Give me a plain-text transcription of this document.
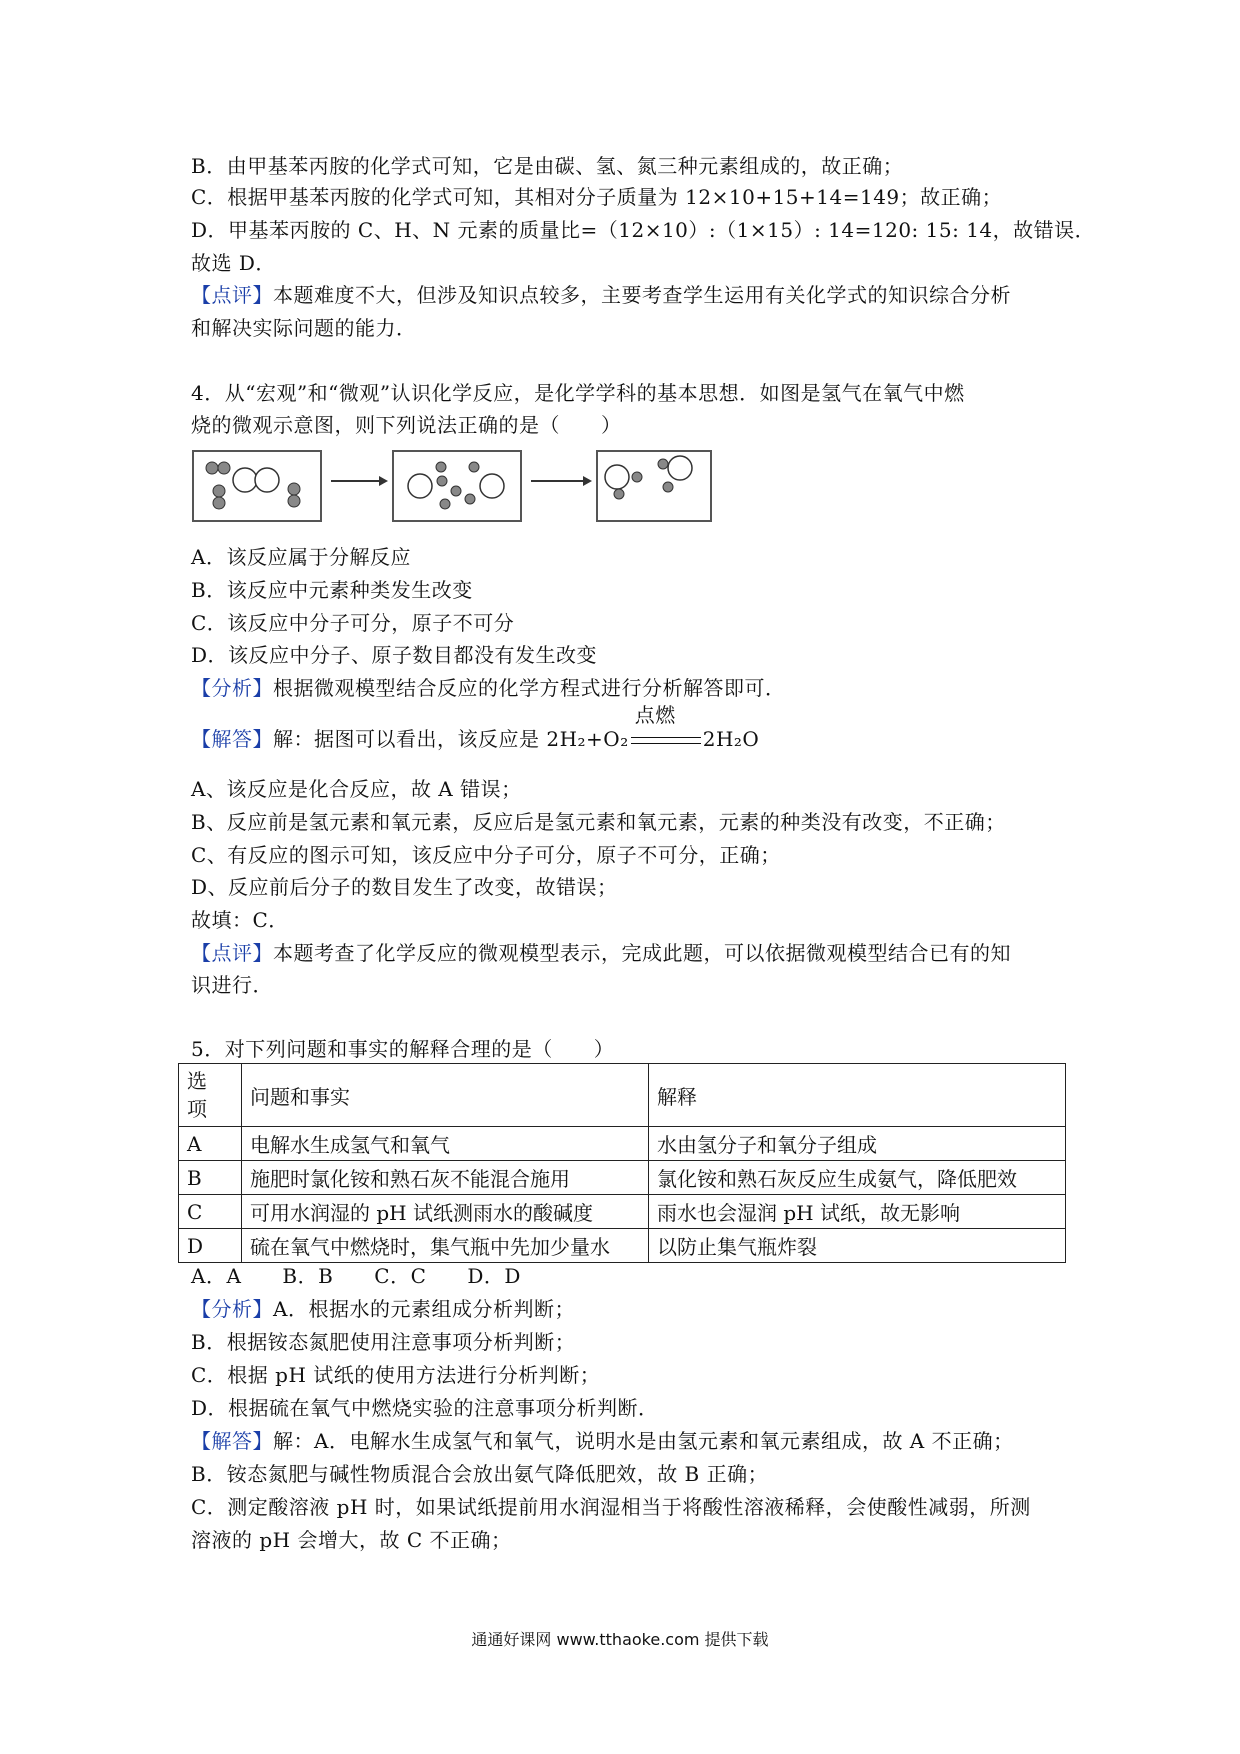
B．由甲基苯丙胺的化学式可知，它是由碳、氢、氮三种元素组成的，故正确；
C．根据甲基苯丙胺的化学式可知，其相对分子质量为 12×10+15+14=149；故正确；
D．甲基苯丙胺的 C、H、N 元素的质量比=（12×10）:（1×15）: 14=120: 15: 14，故错误．
故选 D．
【点评】本题难度不大，但涉及知识点较多，主要考查学生运用有关化学式的知识综合分析
和解决实际问题的能力．
4．从“宏观”和“微观”认识化学反应，是化学学科的基本思想．如图是氢气在氧气中燃
烧的微观示意图，则下列说法正确的是（　　）
A．该反应属于分解反应
B．该反应中元素种类发生改变
C．该反应中分子可分，原子不可分
D．该反应中分子、原子数目都没有发生改变
【分析】根据微观模型结合反应的化学方程式进行分析解答即可．
【解答】解：据图可以看出，该反应是 2H₂+O₂
点燃
2H₂O
A、该反应是化合反应，故 A 错误；
B、反应前是氢元素和氧元素，反应后是氢元素和氧元素，元素的种类没有改变，不正确；
C、有反应的图示可知，该反应中分子可分，原子不可分，正确；
D、反应前后分子的数目发生了改变，故错误；
故填：C．
【点评】本题考查了化学反应的微观模型表示，完成此题，可以依据微观模型结合已有的知
识进行．
5．对下列问题和事实的解释合理的是（　　）
选
项	问题和事实	解释
A	电解水生成氢气和氧气	水由氢分子和氧分子组成
B	施肥时氯化铵和熟石灰不能混合施用	氯化铵和熟石灰反应生成氨气，降低肥效
C	可用水润湿的 pH 试纸测雨水的酸碱度	雨水也会湿润 pH 试纸，故无影响
D	硫在氧气中燃烧时，集气瓶中先加少量水	以防止集气瓶炸裂
A．A　　B．B　　C．C　　D．D
【分析】A．根据水的元素组成分析判断；
B．根据铵态氮肥使用注意事项分析判断；
C．根据 pH 试纸的使用方法进行分析判断；
D．根据硫在氧气中燃烧实验的注意事项分析判断．
【解答】解：A．电解水生成氢气和氧气，说明水是由氢元素和氧元素组成，故 A 不正确；
B．铵态氮肥与碱性物质混合会放出氨气降低肥效，故 B 正确；
C．测定酸溶液 pH 时，如果试纸提前用水润湿相当于将酸性溶液稀释，会使酸性减弱，所测
溶液的 pH 会增大，故 C 不正确；
通通好课网 www.tthaoke.com 提供下载
